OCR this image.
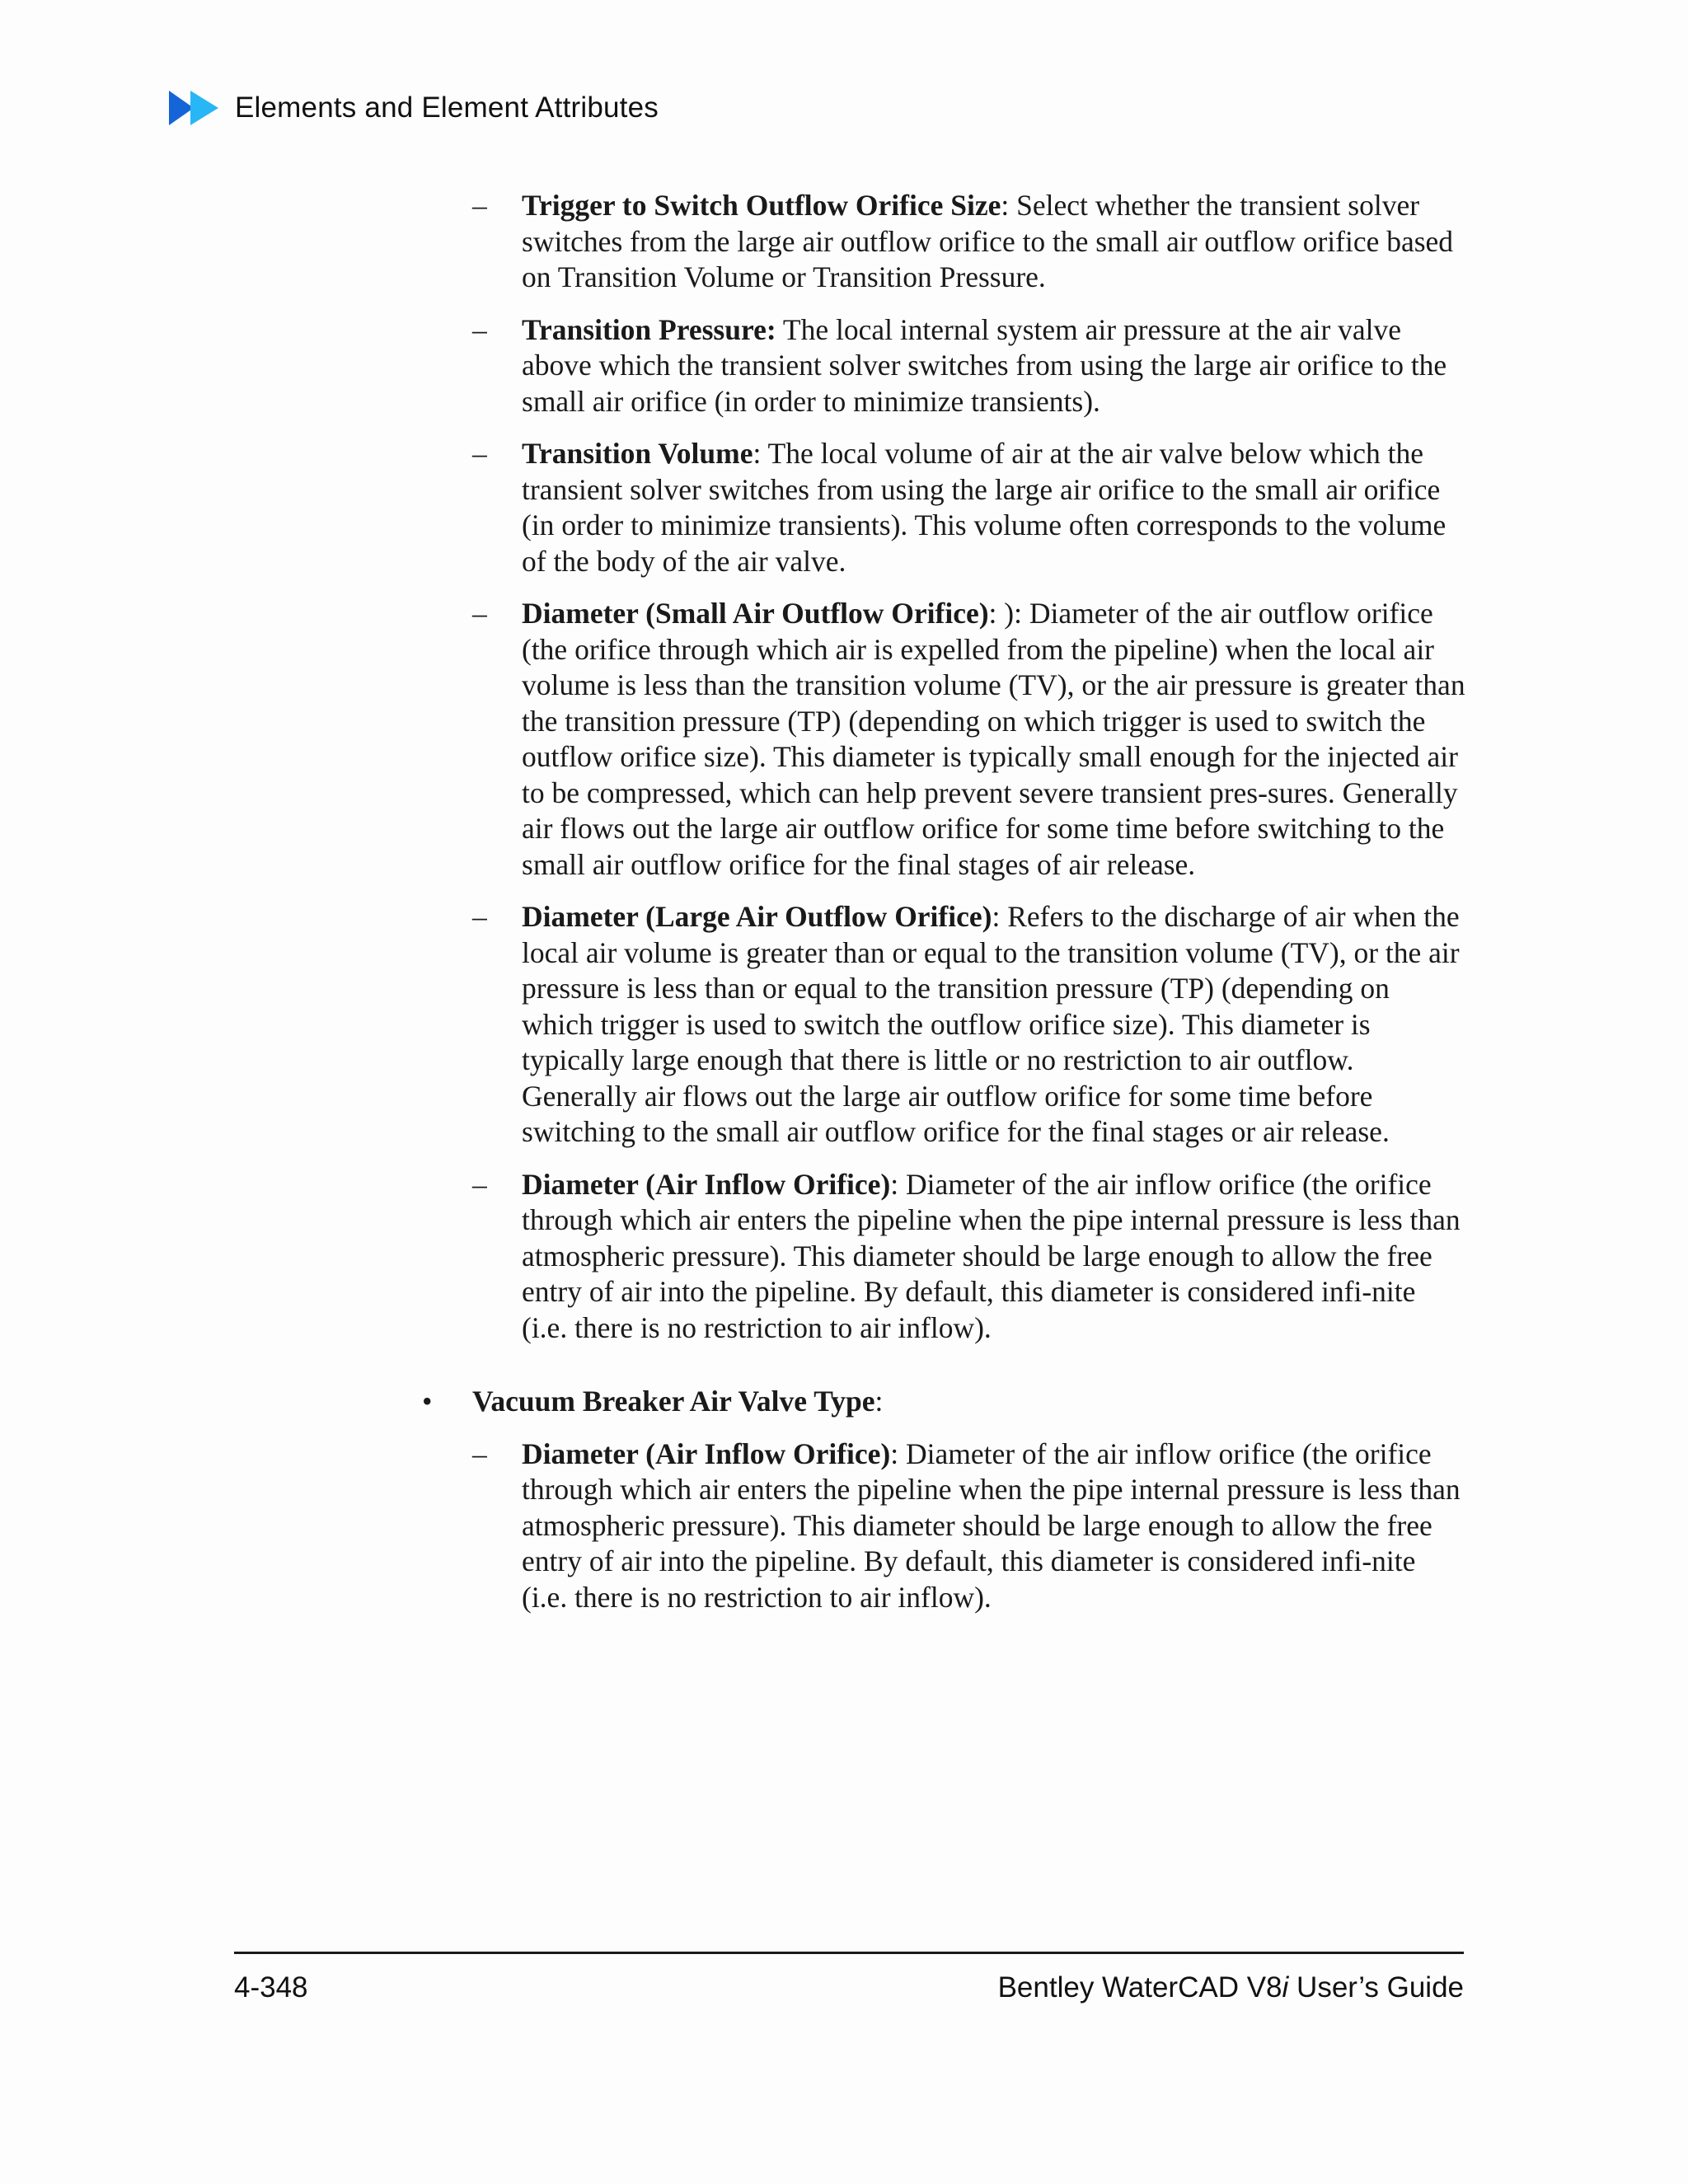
Elements and Element Attributes
– Trigger to Switch Outflow Orifice Size: Select whether the transient solver switches from the large air outflow orifice to the small air outflow orifice based on Transition Volume or Transition Pressure.
– Transition Pressure: The local internal system air pressure at the air valve above which the transient solver switches from using the large air orifice to the small air orifice (in order to minimize transients).
– Transition Volume: The local volume of air at the air valve below which the transient solver switches from using the large air orifice to the small air orifice (in order to minimize transients). This volume often corresponds to the volume of the body of the air valve.
– Diameter (Small Air Outflow Orifice): ): Diameter of the air outflow orifice (the orifice through which air is expelled from the pipeline) when the local air volume is less than the transition volume (TV), or the air pressure is greater than the transition pressure (TP) (depending on which trigger is used to switch the outflow orifice size). This diameter is typically small enough for the injected air to be compressed, which can help prevent severe transient pres-sures. Generally air flows out the large air outflow orifice for some time before switching to the small air outflow orifice for the final stages of air release.
– Diameter (Large Air Outflow Orifice): Refers to the discharge of air when the local air volume is greater than or equal to the transition volume (TV), or the air pressure is less than or equal to the transition pressure (TP) (depending on which trigger is used to switch the outflow orifice size). This diameter is typically large enough that there is little or no restriction to air outflow. Generally air flows out the large air outflow orifice for some time before switching to the small air outflow orifice for the final stages or air release.
– Diameter (Air Inflow Orifice): Diameter of the air inflow orifice (the orifice through which air enters the pipeline when the pipe internal pressure is less than atmospheric pressure). This diameter should be large enough to allow the free entry of air into the pipeline. By default, this diameter is considered infi-nite (i.e. there is no restriction to air inflow).
• Vacuum Breaker Air Valve Type:
– Diameter (Air Inflow Orifice): Diameter of the air inflow orifice (the orifice through which air enters the pipeline when the pipe internal pressure is less than atmospheric pressure). This diameter should be large enough to allow the free entry of air into the pipeline. By default, this diameter is considered infi-nite (i.e. there is no restriction to air inflow).
4-348	Bentley WaterCAD V8i User’s Guide
